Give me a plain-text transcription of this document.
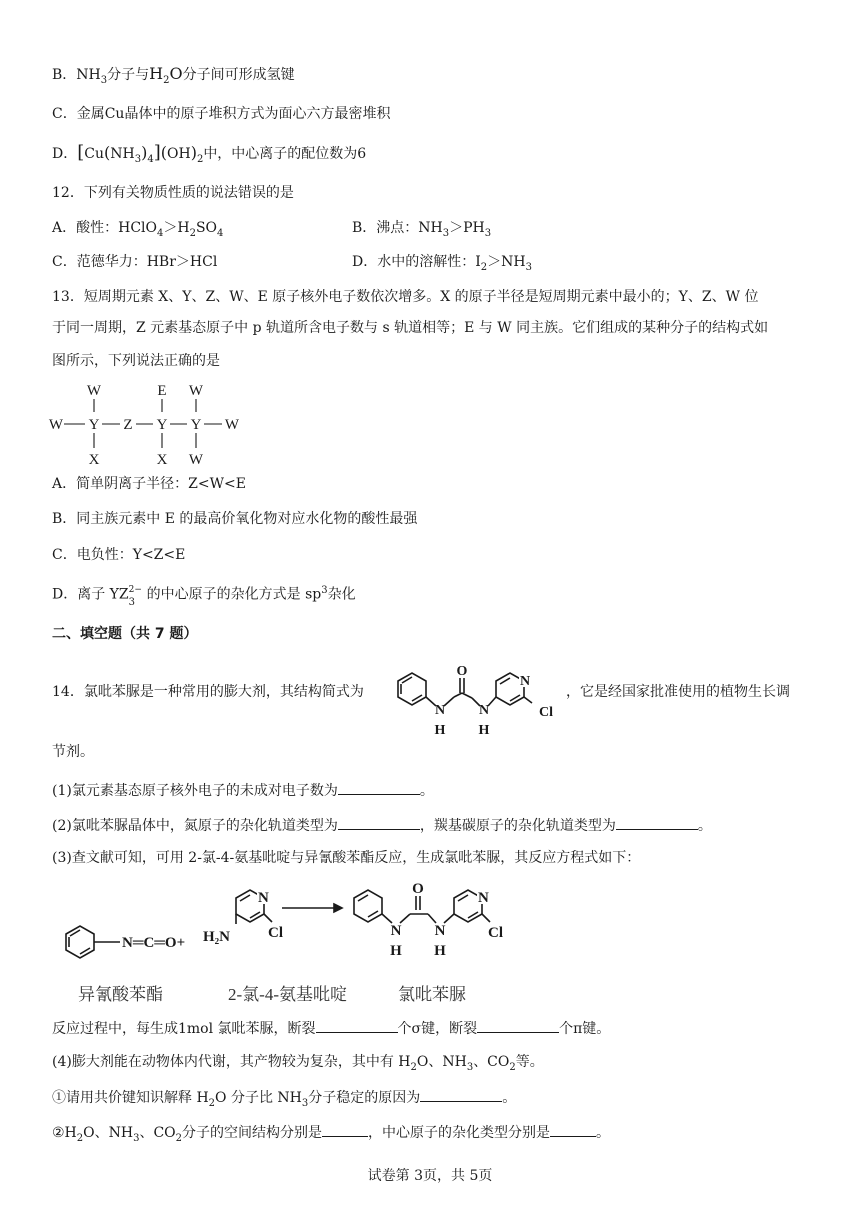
B．$NH_3$分子与$H_2O$分子间可形成氢键
C．金属Cu晶体中的原子堆积方式为面心六方最密堆积
D．$[Cu(NH_3)_4](OH)_2$中，中心离子的配位数为6
12．下列有关物质性质的说法错误的是
A．酸性：$HClO_4>H_2SO_4$	B．沸点：$NH_3>PH_3$
C．范德华力：HBr＞HCl	D．水中的溶解性：$I_2>NH_3$
13．短周期元素 X、Y、Z、W、E 原子核外电子数依次增多。X 的原子半径是短周期元素中最小的；Y、Z、W 位
于同一周期，Z 元素基态原子中 p 轨道所含电子数与 s 轨道相等；E 与 W 同主族。它们组成的某种分子的结构式如
图所示，下列说法正确的是
W
W Y Z Y Y W
X
E
X
W
W
A．简单阴离子半径：Z<W<E
B．同主族元素中 E 的最高价氧化物对应水化物的酸性最强
C．电负性：Y<Z<E
D．离子 YZ 2−
3 的中心原子的杂化方式是 $sp^3$杂化
二、填空题（共 7 题）
14．氯吡苯脲是一种常用的膨大剂，其结构简式为
O
N
H
N
H
N
Cl
，它是经国家批准使用的植物生长调
节剂。
(1)氯元素基态原子核外电子的未成对电子数为	。
(2)氯吡苯脲晶体中，氮原子的杂化轨道类型为	，羰基碳原子的杂化轨道类型为	。
(3)查文献可知，可用 2-氯-4-氨基吡啶与异氰酸苯酯反应，生成氯吡苯脲，其反应方程式如下：
N═C═O+ H₂N
N
Cl
O
N
H
N
H
N
Cl
异氰酸苯酯	2-氯-4-氨基吡啶	氯吡苯脲
反应过程中，每生成1mol 氯吡苯脲，断裂	个σ键，断裂	个π键。
(4)膨大剂能在动物体内代谢，其产物较为复杂，其中有 $H_2O$、$NH_3$、$CO_2$等。
①请用共价键知识解释 $H_2O$ 分子比 $NH_3$分子稳定的原因为	。
$②H_2O$、$NH_3$、$CO_2$分子的空间结构分别是	，中心原子的杂化类型分别是	。
试卷第 3页，共 5页
